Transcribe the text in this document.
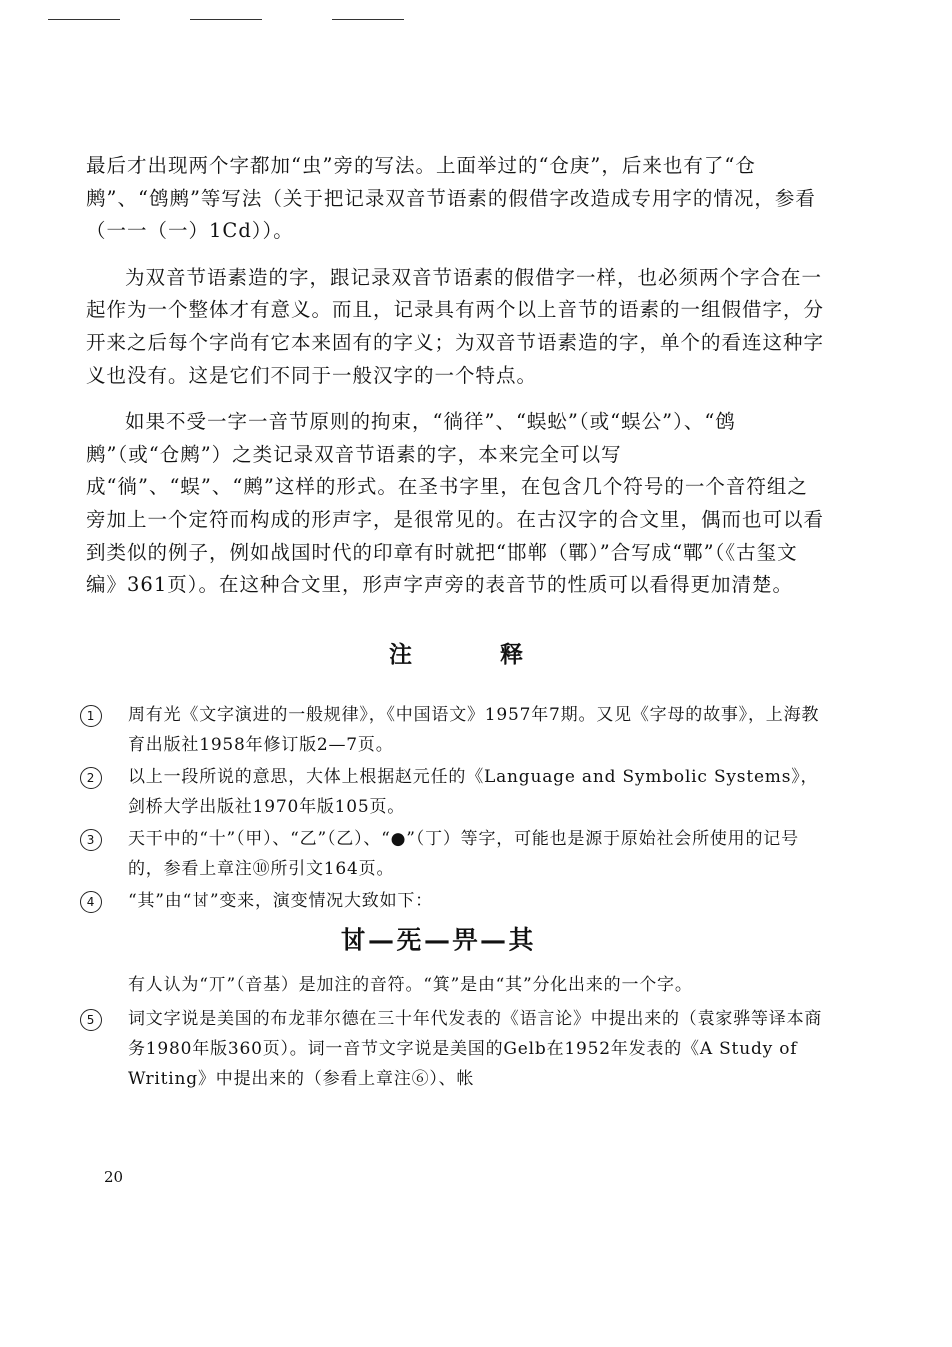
最后才出现两个字都加“虫”旁的写法。上面举过的“仓庚”，后来也有了“仓鹒”、“鸧鹒”等写法（关于把记录双音节语素的假借字改造成专用字的情况，参看（一一（一）1Cd））。

为双音节语素造的字，跟记录双音节语素的假借字一样，也必须两个字合在一起作为一个整体才有意义。而且，记录具有两个以上音节的语素的一组假借字，分开来之后每个字尚有它本来固有的字义；为双音节语素造的字，单个的看连这种字义也没有。这是它们不同于一般汉字的一个特点。

如果不受一字一音节原则的拘束，“徜徉”、“蜈蚣”（或“蜈公”）、“鸧鹒”（或“仓鹒”）之类记录双音节语素的字，本来完全可以写成“徜”、“蜈”、“鹒”这样的形式。在圣书字里，在包含几个符号的一个音符组之旁加上一个定符而构成的形声字，是很常见的。在古汉字的合文里，偶而也可以看到类似的例子，例如战国时代的印章有时就把“邯郸（鄲）”合写成“鄲”（《古玺文编》361页）。在这种合文里，形声字声旁的表音节的性质可以看得更加清楚。

注 释
1	周有光《文字演进的一般规律》，《中国语文》1957年7期。又见《字母的故事》，上海教育出版社1958年修订版2—7页。
2	以上一段所说的意思，大体上根据赵元任的《Language and Symbolic Systems》，剑桥大学出版社1970年版105页。
3	天干中的“十”（甲）、“乙”（乙）、“●”（丁）等字，可能也是源于原始社会所使用的记号的，参看上章注⑩所引文164页。
4	“其”由“𠀠”变来，演变情况大致如下：
𠀠—𠀡—畀—其
有人认为“丌”（音基）是加注的音符。“箕”是由“其”分化出来的一个字。
5	词文字说是美国的布龙菲尔德在三十年代发表的《语言论》中提出来的（袁家骅等译本商务1980年版360页）。词一音节文字说是美国的Gelb在1952年发表的《A Study of Writing》中提出来的（参看上章注⑥）、帐
20
